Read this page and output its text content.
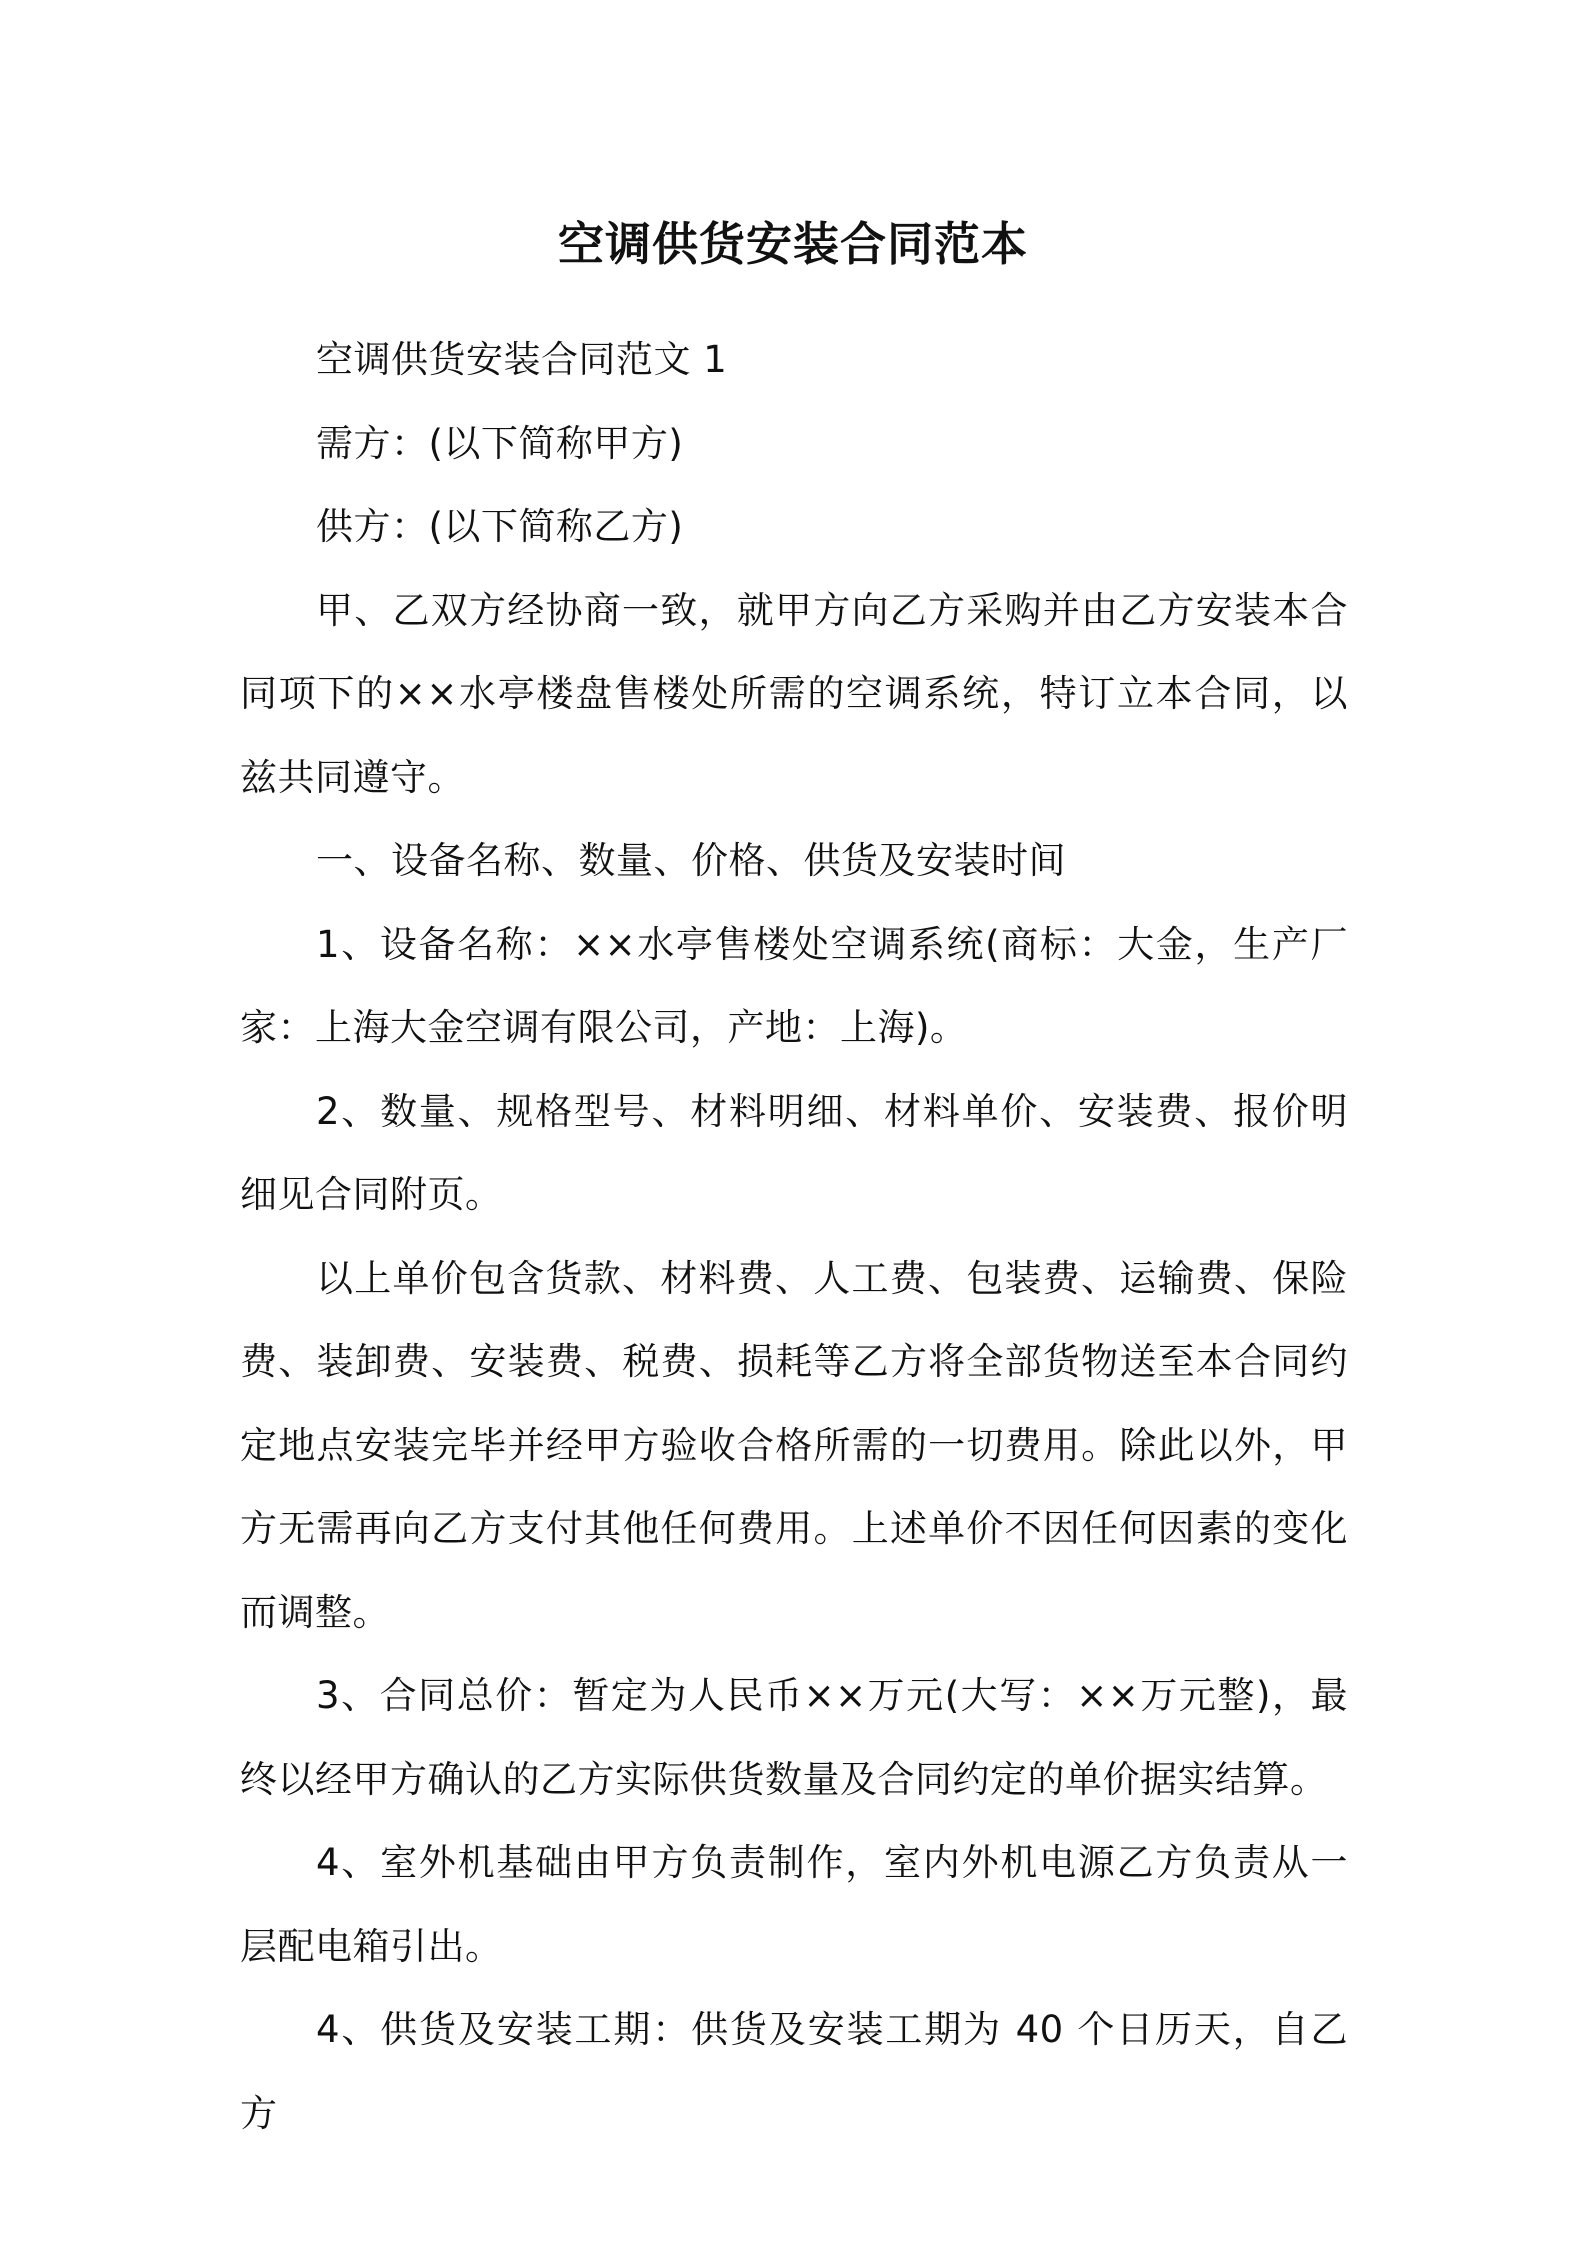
空调供货安装合同范本

空调供货安装合同范文 1

需方：(以下简称甲方)

供方：(以下简称乙方)

甲、乙双方经协商一致，就甲方向乙方采购并由乙方安装本合同项下的××水亭楼盘售楼处所需的空调系统，特订立本合同，以兹共同遵守。

一、设备名称、数量、价格、供货及安装时间

1、设备名称：××水亭售楼处空调系统(商标：大金，生产厂家：上海大金空调有限公司，产地：上海)。

2、数量、规格型号、材料明细、材料单价、安装费、报价明细见合同附页。

以上单价包含货款、材料费、人工费、包装费、运输费、保险费、装卸费、安装费、税费、损耗等乙方将全部货物送至本合同约定地点安装完毕并经甲方验收合格所需的一切费用。除此以外，甲方无需再向乙方支付其他任何费用。上述单价不因任何因素的变化而调整。

3、合同总价：暂定为人民币××万元(大写：××万元整)，最终以经甲方确认的乙方实际供货数量及合同约定的单价据实结算。

4、室外机基础由甲方负责制作，室内外机电源乙方负责从一层配电箱引出。

4、供货及安装工期：供货及安装工期为 40 个日历天，自乙方
